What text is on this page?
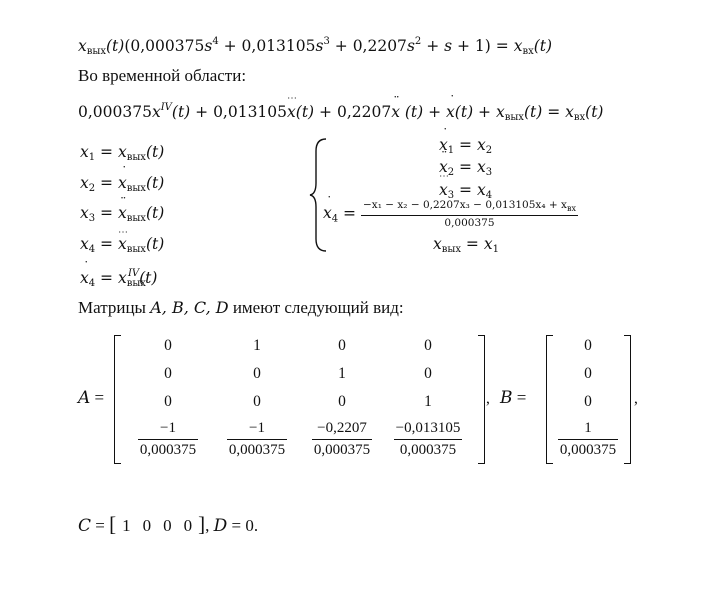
$x_{вых}(t)(0,000375s^4 + 0,013105s^3 + 0,2207s^2 + s + 1) = x_{вх}(t)$
Во временной области:
$0,000375x^{IV}(t)$ + 0,013105⋯ x(t) + 0,2207¨ x (t) + ˙ $x(t) + x_{вых}(t) = x_{вх}(t)$
$x_1 = x_{вых}(t)$
$x_2$ = ˙ $x_{вых}(t)$
$x_3$ = ¨ $x_{вых}(t)$
$x_4$ = ⋯ $x_{вых}(t)$
˙ $x_4 = x_{вых}^{IV}(t)$
˙ $x_1 = x_2$
¨ $x_2 = x_3$
⋯ $x_3 = x_4$
˙ $x_4 = \frac{-x_1 - x_2 - 0,2207x_3 - 0,013105x_4 + x_{вх}}{0,000375}$
$x_{вых} = x_1$
Матрицы A, B, C, D имеют следующий вид:
A =
0	1	0	0
0	0	1	0
0	0	0	1
$\frac{-1}{0,000375} \frac{-1}{0,000375} \frac{-0,2207}{0,000375} \frac{-0,013105}{0,000375}$
, B =
0
0
0
$\frac{1}{0,000375}$
,
C = [ 1 0 0 0 ], D = 0.
